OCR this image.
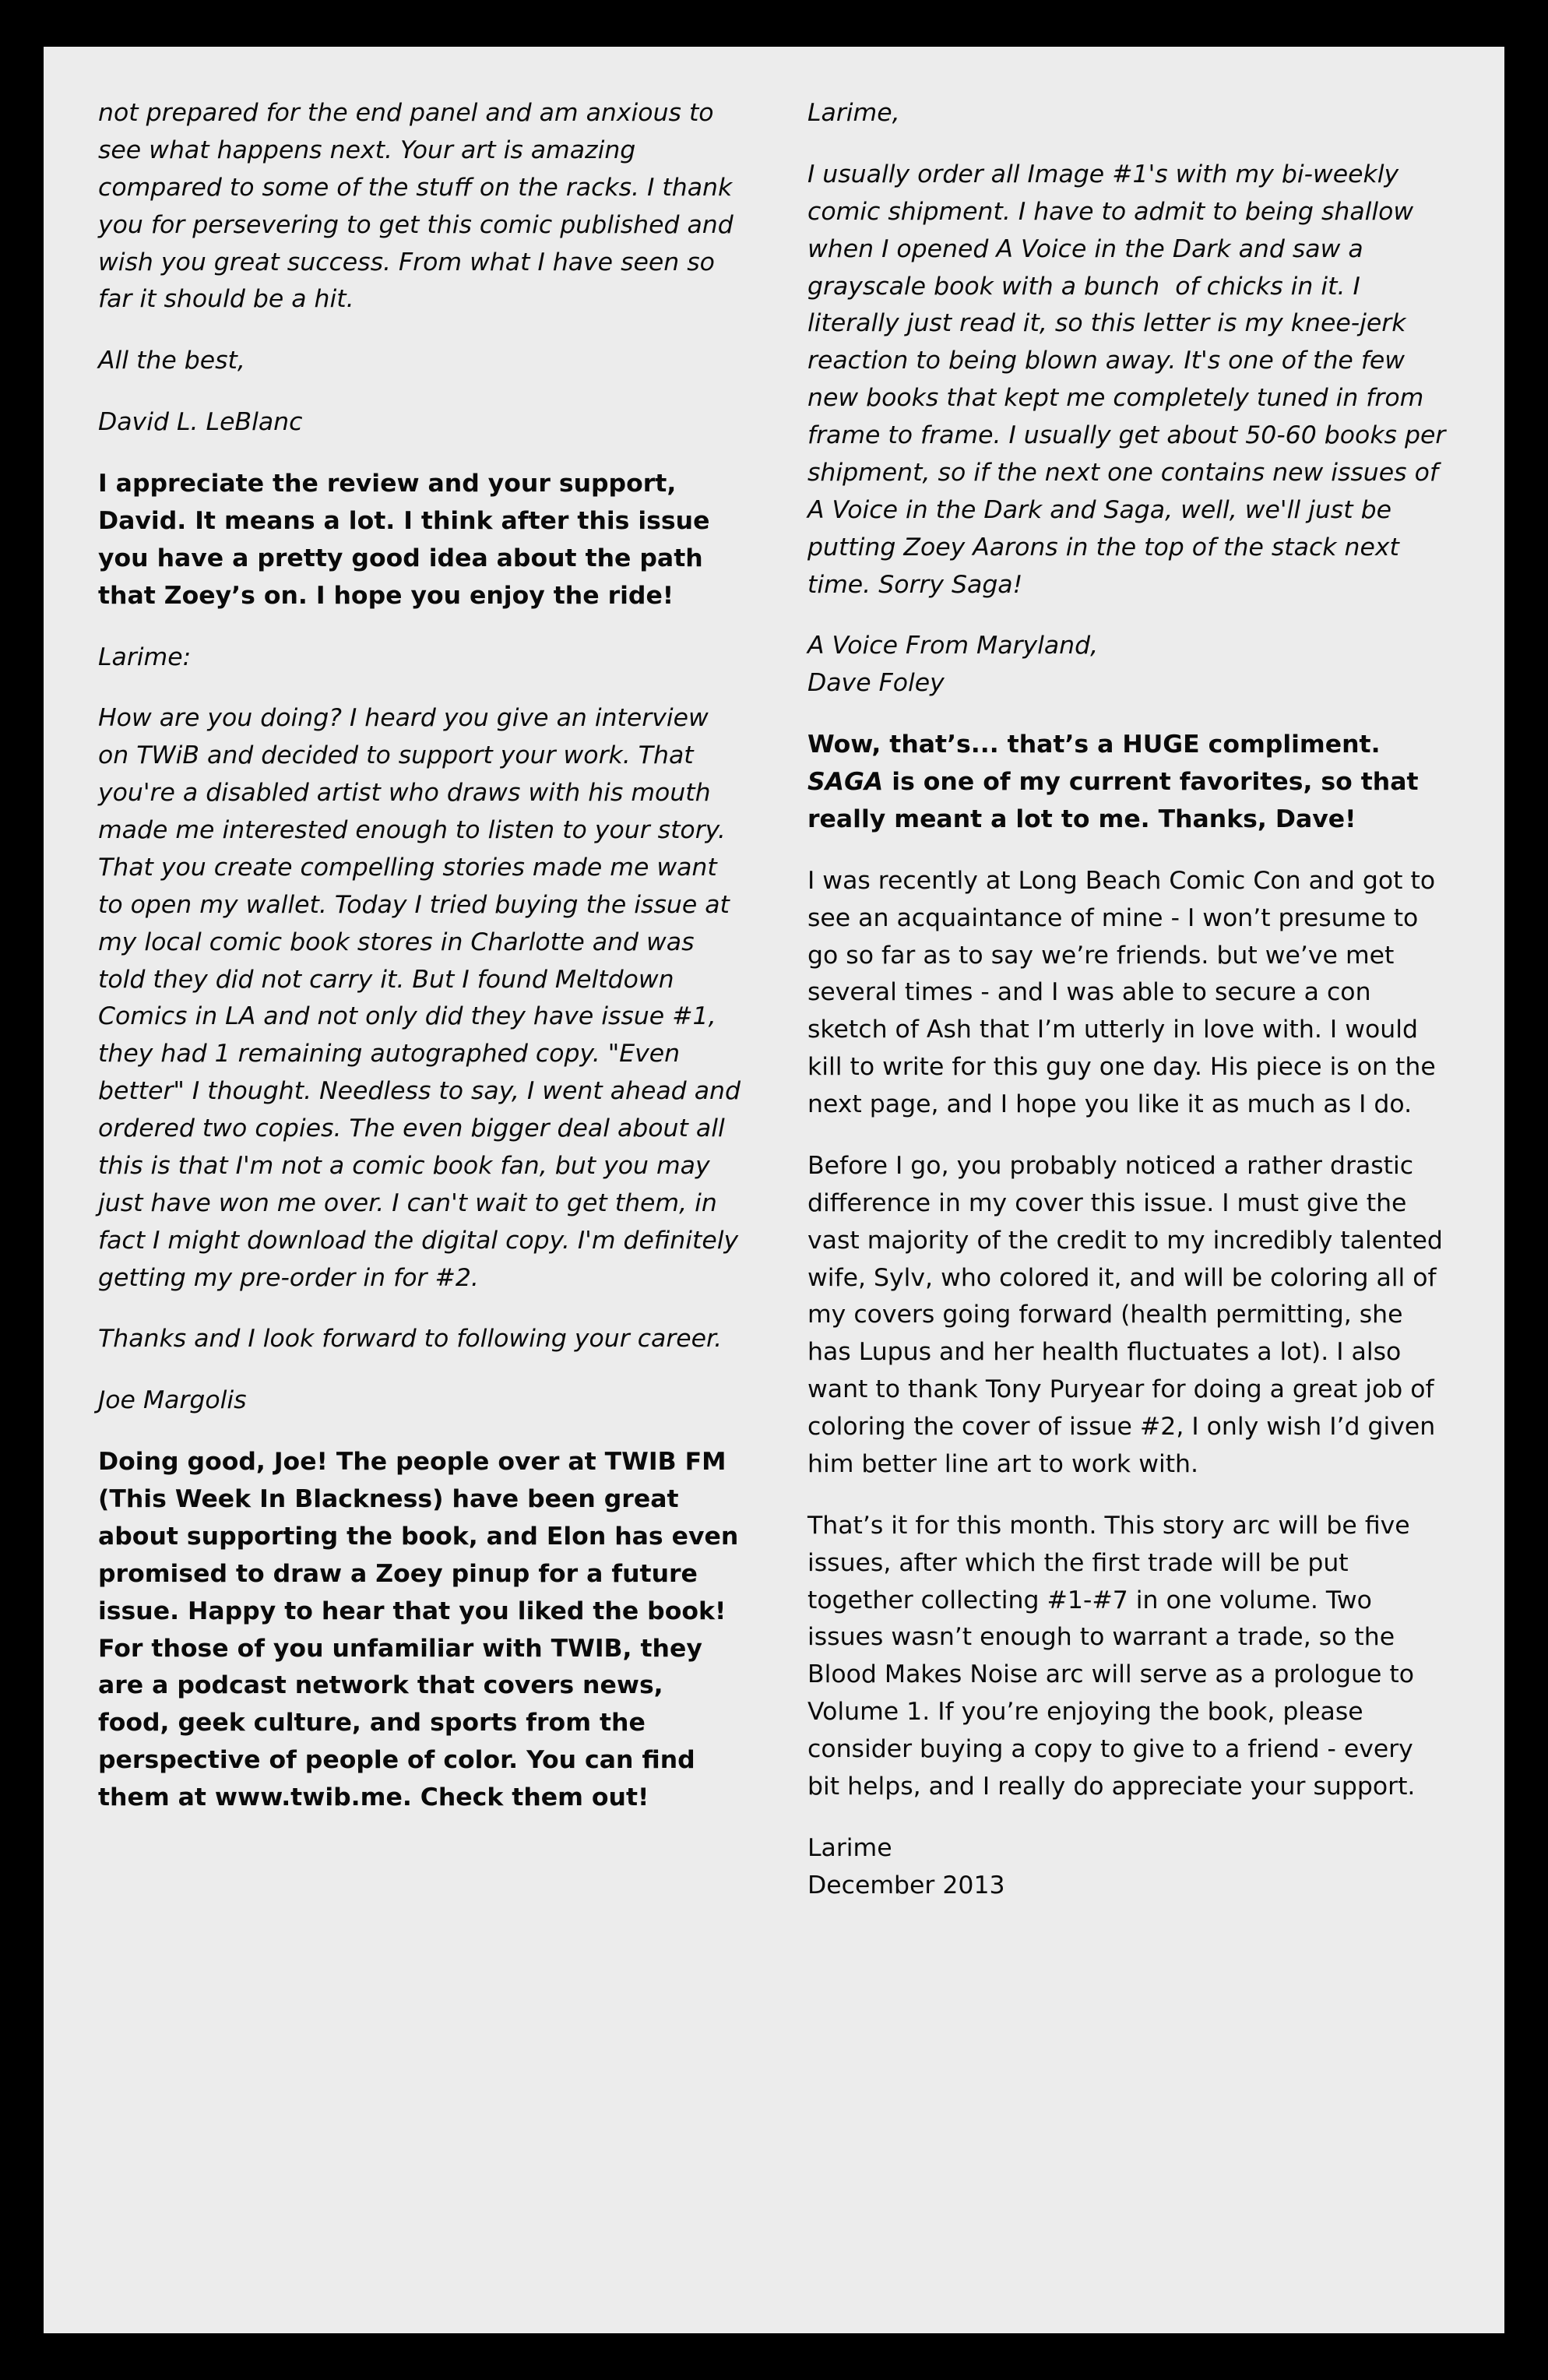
not prepared for the end panel and am anxious to see what happens next. Your art is amazing compared to some of the stuff on the racks. I thank you for persevering to get this comic published and wish you great success. From what I have seen so far it should be a hit.

All the best,

David L. LeBlanc

I appreciate the review and your support, David. It means a lot. I think after this issue you have a pretty good idea about the path that Zoey’s on. I hope you enjoy the ride!

Larime:

How are you doing? I heard you give an interview on TWiB and decided to support your work. That you're a disabled artist who draws with his mouth made me interested enough to listen to your story. That you create compelling stories made me want to open my wallet. Today I tried buying the issue at my local comic book stores in Charlotte and was told they did not carry it. But I found Meltdown Comics in LA and not only did they have issue #1, they had 1 remaining autographed copy. "Even better" I thought. Needless to say, I went ahead and ordered two copies. The even bigger deal about all this is that I'm not a comic book fan, but you may just have won me over. I can't wait to get them, in fact I might download the digital copy. I'm definitely getting my pre-order in for #2.

Thanks and I look forward to following your career.

Joe Margolis

Doing good, Joe! The people over at TWIB FM (This Week In Blackness) have been great about supporting the book, and Elon has even promised to draw a Zoey pinup for a future issue. Happy to hear that you liked the book! For those of you unfamiliar with TWIB, they are a podcast network that covers news, food, geek culture, and sports from the perspective of people of color. You can find them at www.twib.me. Check them out!

Larime,

I usually order all Image #1's with my bi-weekly comic shipment. I have to admit to being shallow when I opened A Voice in the Dark and saw a grayscale book with a bunch  of chicks in it. I literally just read it, so this letter is my knee-jerk reaction to being blown away. It's one of the few new books that kept me completely tuned in from frame to frame. I usually get about 50-60 books per shipment, so if the next one contains new issues of A Voice in the Dark and Saga, well, we'll just be putting Zoey Aarons in the top of the stack next time. Sorry Saga!

A Voice From Maryland,

Dave Foley

Wow, that’s... that’s a HUGE compliment. SAGA is one of my current favorites, so that really meant a lot to me. Thanks, Dave!

I was recently at Long Beach Comic Con and got to see an acquaintance of mine - I won’t presume to go so far as to say we’re friends. but we’ve met several times - and I was able to secure a con sketch of Ash that I’m utterly in love with. I would kill to write for this guy one day. His piece is on the next page, and I hope you like it as much as I do.

Before I go, you probably noticed a rather drastic difference in my cover this issue. I must give the vast majority of the credit to my incredibly talented wife, Sylv, who colored it, and will be coloring all of my covers going forward (health permitting, she has Lupus and her health fluctuates a lot). I also want to thank Tony Puryear for doing a great job of coloring the cover of issue #2, I only wish I’d given him better line art to work with.

That’s it for this month. This story arc will be five issues, after which the first trade will be put together collecting #1-#7 in one volume. Two issues wasn’t enough to warrant a trade, so the Blood Makes Noise arc will serve as a prologue to Volume 1. If you’re enjoying the book, please consider buying a copy to give to a friend - every bit helps, and I really do appreciate your support.

Larime

December 2013
